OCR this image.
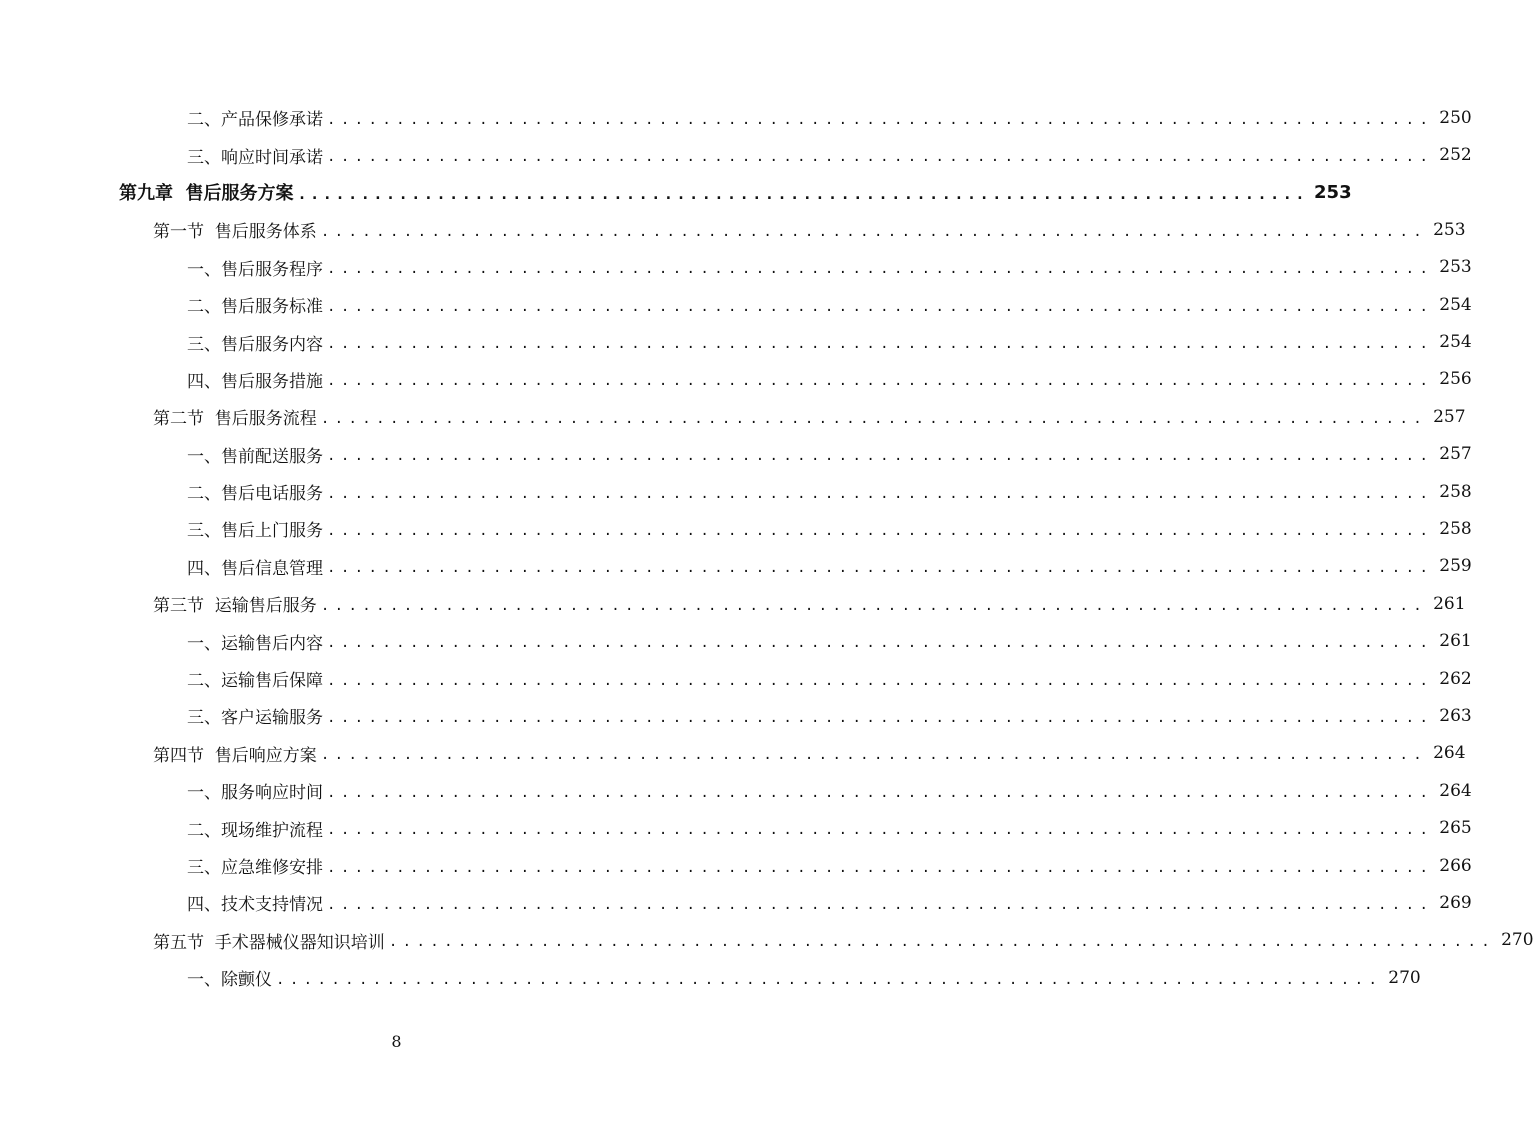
二、产品保修承诺 ................................................................................ 250
三、响应时间承诺 ................................................................................ 252
第九章  售后服务方案 ................................................................................ 253
第一节  售后服务体系 ................................................................................ 253
一、售后服务程序 ................................................................................ 253
二、售后服务标准 ................................................................................ 254
三、售后服务内容 ................................................................................ 254
四、售后服务措施 ................................................................................ 256
第二节  售后服务流程 ................................................................................ 257
一、售前配送服务 ................................................................................ 257
二、售后电话服务 ................................................................................ 258
三、售后上门服务 ................................................................................ 258
四、售后信息管理 ................................................................................ 259
第三节  运输售后服务 ................................................................................ 261
一、运输售后内容 ................................................................................ 261
二、运输售后保障 ................................................................................ 262
三、客户运输服务 ................................................................................ 263
第四节  售后响应方案 ................................................................................ 264
一、服务响应时间 ................................................................................ 264
二、现场维护流程 ................................................................................ 265
三、应急维修安排 ................................................................................ 266
四、技术支持情况 ................................................................................ 269
第五节  手术器械仪器知识培训 ................................................................................ 270
一、除颤仪 ................................................................................ 270
8
